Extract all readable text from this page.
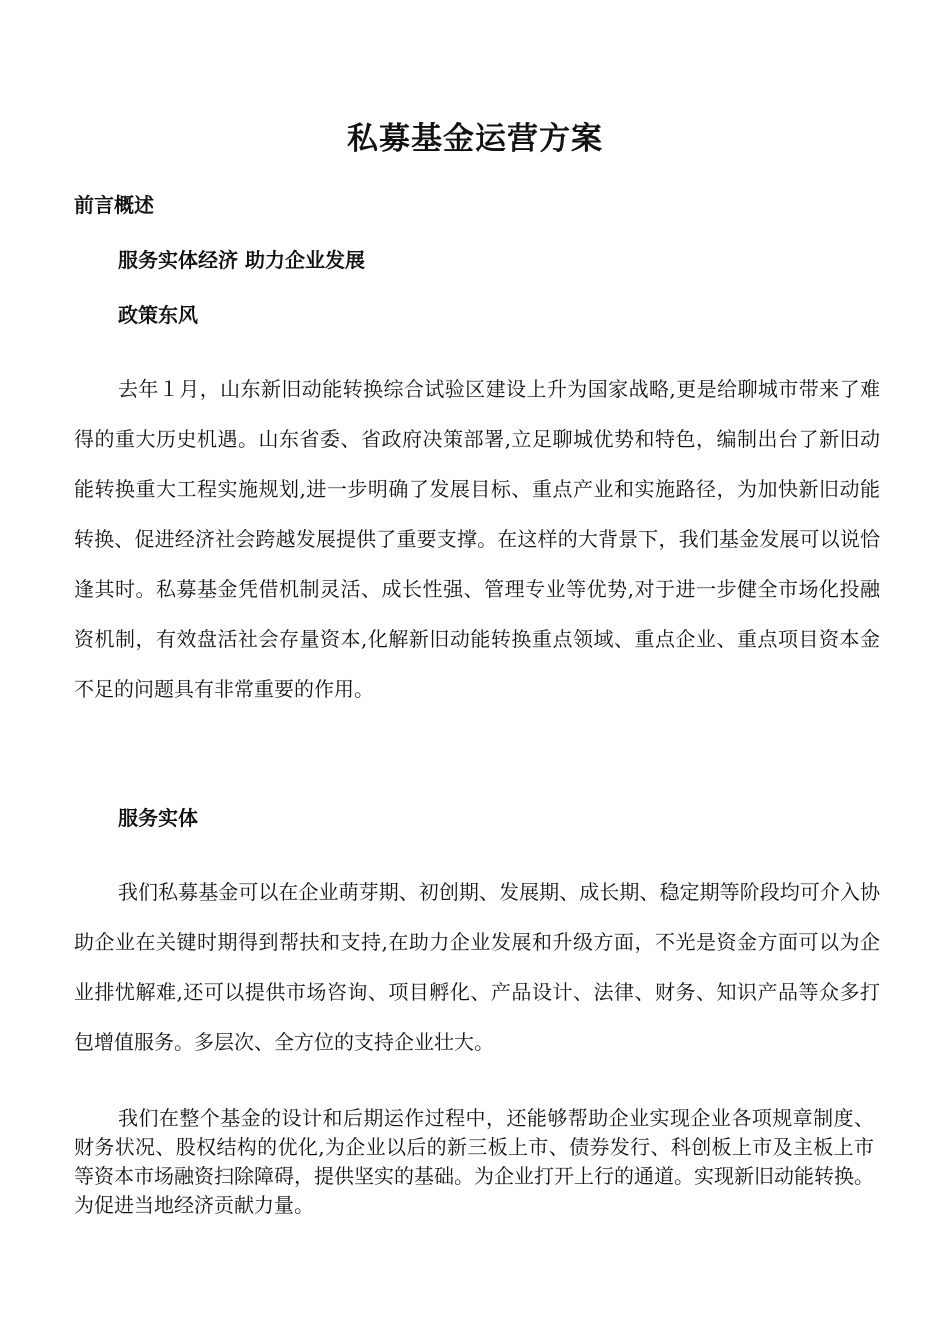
私募基金运营方案
前言概述
服务实体经济 助力企业发展
政策东风

去年１月，山东新旧动能转换综合试验区建设上升为国家战略,更是给聊城市带来了难得的重大历史机遇。山东省委、省政府决策部署,立足聊城优势和特色，编制出台了新旧动能转换重大工程实施规划,进一步明确了发展目标、重点产业和实施路径，为加快新旧动能转换、促进经济社会跨越发展提供了重要支撑。在这样的大背景下，我们基金发展可以说恰逢其时。私募基金凭借机制灵活、成长性强、管理专业等优势,对于进一步健全市场化投融资机制，有效盘活社会存量资本,化解新旧动能转换重点领域、重点企业、重点项目资本金不足的问题具有非常重要的作用。

服务实体

我们私募基金可以在企业萌芽期、初创期、发展期、成长期、稳定期等阶段均可介入协助企业在关键时期得到帮扶和支持,在助力企业发展和升级方面，不光是资金方面可以为企业排忧解难,还可以提供市场咨询、项目孵化、产品设计、法律、财务、知识产品等众多打包增值服务。多层次、全方位的支持企业壮大。

我们在整个基金的设计和后期运作过程中，还能够帮助企业实现企业各项规章制度、财务状况、股权结构的优化,为企业以后的新三板上市、债券发行、科创板上市及主板上市等资本市场融资扫除障碍，提供坚实的基础。为企业打开上行的通道。实现新旧动能转换。为促进当地经济贡献力量。
